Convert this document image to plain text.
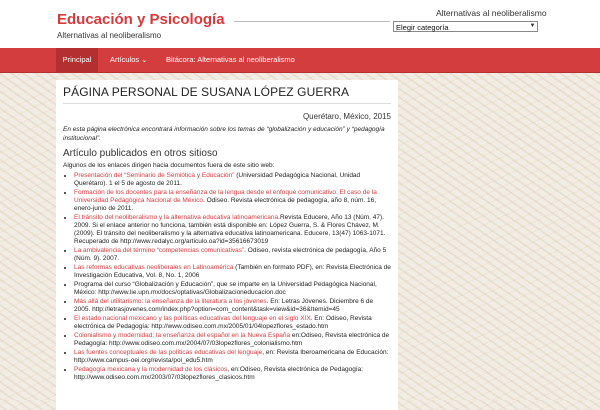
Educación y Psicología
Alternativas al neoliberalismo
Alternativas al neoliberalismo
Elegir categoría	▼
Principal	Artículos ⌄ Bitácora: Alternativas al neoliberalismo
PÁGINA PERSONAL DE SUSANA LÓPEZ GUERRA
Querétaro, México, 2015
En esta página electrónica encontrará información sobre los temas de “globalización y educación” y “pedagogía institucional”.
Artículo publicados en otros sitioso
Algunos de los enlaces dirigen hacia documentos fuera de este sitio web:
• Presentación del “Seminario de Semiótica y Educación” (Universidad Pedagógica Nacional, Unidad Querétaro). 1 el 5 de agosto de 2011.
• Formación de los docentes para la enseñanza de la lengua desde el enfoque comunicativo. El caso de la Universidad Pedagógica Nacional de México. Odiseo. Revista electrónica de pedagogía, año 8, núm. 16, enero-junio de 2011.
• El tránsito del neoliberalismo y la alternativa educativa latinoamericana.Revista Educere, Año 13 (Núm. 47). 2009. Si el enlace anterior no funciona, también está disponible en: López Guerra, S. & Flores Chávez, M. (2009). El tránsito del neoliberalismo y la alternativa educativa latinoamericana. Educere, 13(47) 1063-1071. Recuperado de http://www.redalyc.org/articulo.oa?id=35616673019
• La ambivalencia del término “competencias comunicativas”. Odiseo, revista electrónica de pedagogía, Año 5 (Núm. 9). 2007.
• Las reformas educativas neoliberales en Latinoamérica (También en formato PDF), en: Revista Electrónica de Investigación Educativa, Vol. 8, No. 1, 2006
• Programa del curso “Globalización y Educación”, que se imparte en la Universidad Pedagógica Nacional, México: http://www.lie.upn.mx/docs/optativas/Globalizacioneducacion.doc
• Más allá del utilitarismo: la enseñanza de la literatura a los jóvenes. En: Letras Jóvenes. Diciembre 6 de 2005. http://letrasjovenes.com/index.php?option=com_content&task=view&id=36&Itemid=45
• El estado nacional mexicano y las políticas educativas del lenguaje en el siglo XIX. En: Odiseo, Revista electrónica de Pedagogía: http://www.odiseo.com.mx/2005/01/04lopezflores_estado.htm
• Colonialismo y modernidad: la enseñanza del español en la Nueva España en:Odiseo, Revista electrónica de Pedagogía: http://www.odiseo.com.mx/2004/07/03lopezflores_colonialismo.htm
• Las fuentes conceptuales de las políticas educativas del lenguaje, en: Revista Iberoamericana de Educación: http://www.campus-oei.org/revista/poi_edu5.htm
• Pedagogía mexicana y la modernidad de los clásicos, en:Odiseo, Revista electrónica de Pedagogía: http://www.odiseo.com.mx/2003/07/03lopezflores_clasicos.htm
